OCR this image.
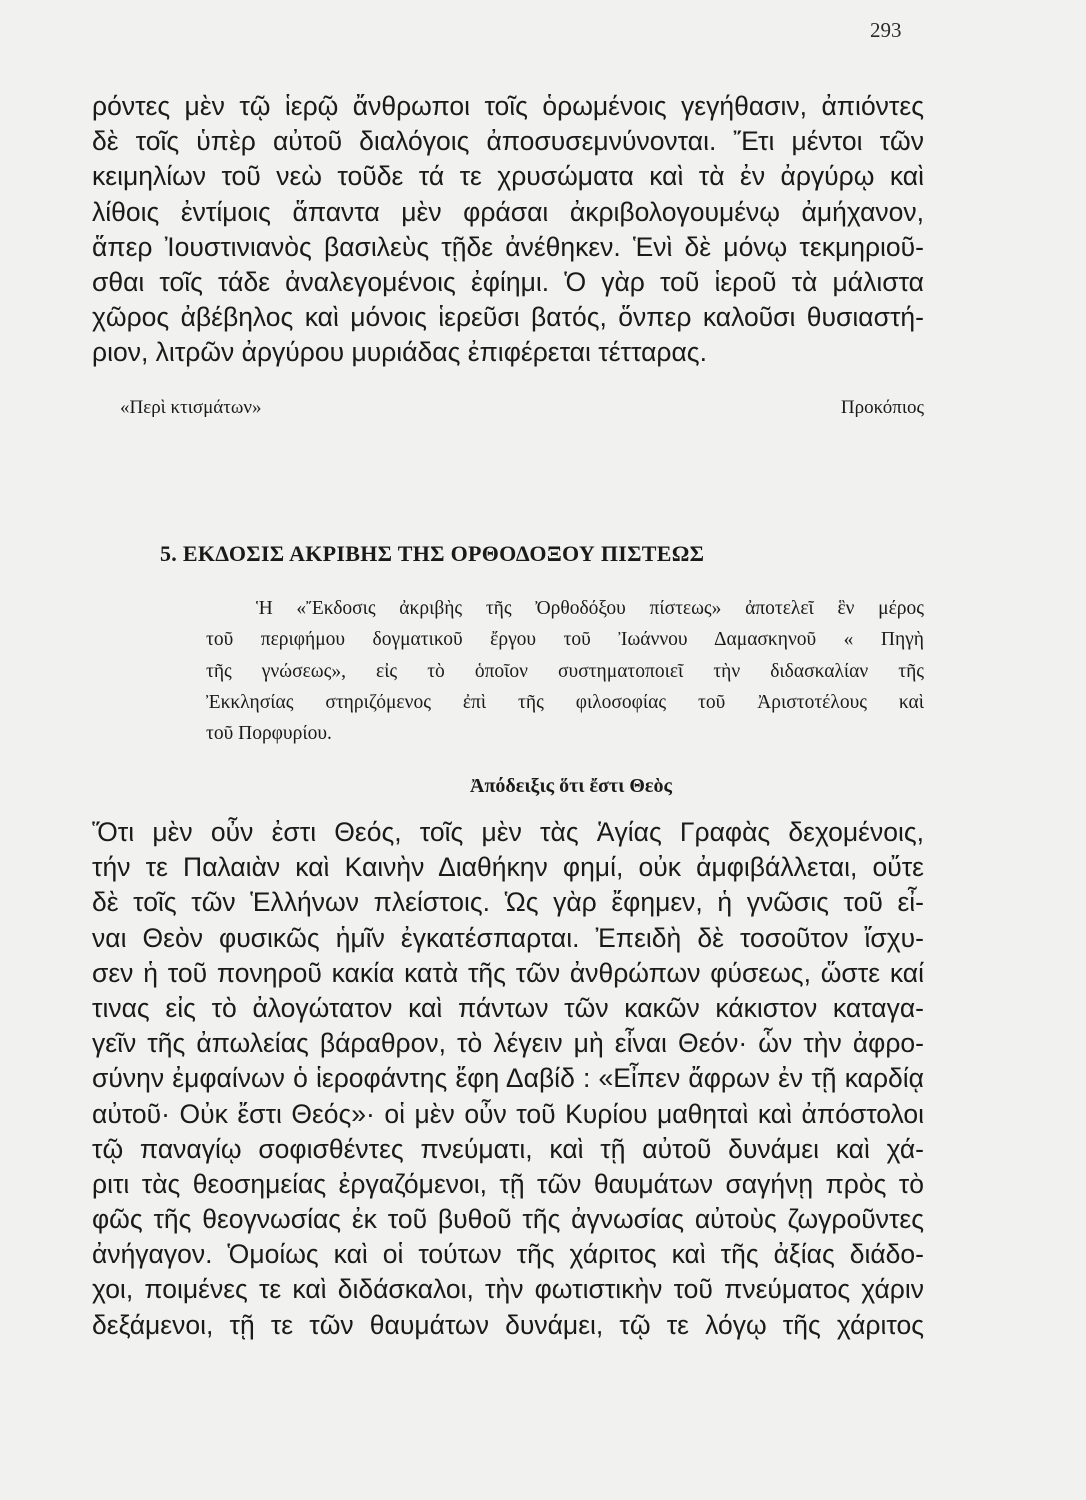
293
ρόντες μὲν τῷ ἱερῷ ἄνθρωποι τοῖς ὁρωμένοις γεγήθασιν, ἀπιόντες
δὲ τοῖς ὑπὲρ αὐτοῦ διαλόγοις ἀποσυσεμνύνονται. Ἔτι μέντοι τῶν
κειμηλίων τοῦ νεὼ τοῦδε τά τε χρυσώματα καὶ τὰ ἐν ἀργύρῳ καὶ
λίθοις ἐντίμοις ἅπαντα μὲν φράσαι ἀκριβολογουμένῳ ἀμήχανον,
ἅπερ Ἰουστινιανὸς βασιλεὺς τῇδε ἀνέθηκεν. Ἑνὶ δὲ μόνῳ τεκμηριοῦ-
σθαι τοῖς τάδε ἀναλεγομένοις ἐφίημι. Ὁ γὰρ τοῦ ἱεροῦ τὰ μάλιστα
χῶρος ἀβέβηλος καὶ μόνοις ἱερεῦσι βατός, ὅνπερ καλοῦσι θυσιαστή-
ριον, λιτρῶν ἀργύρου μυριάδας ἐπιφέρεται τέτταρας.
«Περὶ κτισμάτων»	Προκόπιος
5. ΕΚΔΟΣΙΣ ΑΚΡΙΒΗΣ ΤΗΣ ΟΡΘΟΔΟΞΟΥ ΠΙΣΤΕΩΣ
Ἡ «Ἔκδοσις ἀκριβὴς τῆς Ὀρθοδόξου πίστεως» ἀποτελεῖ ἓν μέρος
τοῦ περιφήμου δογματικοῦ ἔργου τοῦ Ἰωάννου Δαμασκηνοῦ « Πηγὴ
τῆς γνώσεως», εἰς τὸ ὁποῖον συστηματοποιεῖ τὴν διδασκαλίαν τῆς
Ἐκκλησίας στηριζόμενος ἐπὶ τῆς φιλοσοφίας τοῦ Ἀριστοτέλους καὶ
τοῦ Πορφυρίου.
Ἀπόδειξις ὅτι ἔστι Θεὸς
Ὅτι μὲν οὖν ἐστι Θεός, τοῖς μὲν τὰς Ἁγίας Γραφὰς δεχομένοις,
τήν τε Παλαιὰν καὶ Καινὴν Διαθήκην φημί, οὐκ ἀμφιβάλλεται, οὔτε
δὲ τοῖς τῶν Ἑλλήνων πλείστοις. Ὡς γὰρ ἔφημεν, ἡ γνῶσις τοῦ εἶ-
ναι Θεὸν φυσικῶς ἡμῖν ἐγκατέσπαρται. Ἐπειδὴ δὲ τοσοῦτον ἴσχυ-
σεν ἡ τοῦ πονηροῦ κακία κατὰ τῆς τῶν ἀνθρώπων φύσεως, ὥστε καί
τινας εἰς τὸ ἀλογώτατον καὶ πάντων τῶν κακῶν κάκιστον καταγα-
γεῖν τῆς ἀπωλείας βάραθρον, τὸ λέγειν μὴ εἶναι Θεόν· ὧν τὴν ἀφρο-
σύνην ἐμφαίνων ὁ ἱεροφάντης ἔφη Δαβίδ : «Εἶπεν ἄφρων ἐν τῇ καρδίᾳ
αὐτοῦ· Οὐκ ἔστι Θεός»· οἱ μὲν οὖν τοῦ Κυρίου μαθηταὶ καὶ ἀπόστολοι
τῷ παναγίῳ σοφισθέντες πνεύματι, καὶ τῇ αὐτοῦ δυνάμει καὶ χά-
ριτι τὰς θεοσημείας ἐργαζόμενοι, τῇ τῶν θαυμάτων σαγήνῃ πρὸς τὸ
φῶς τῆς θεογνωσίας ἐκ τοῦ βυθοῦ τῆς ἀγνωσίας αὐτοὺς ζωγροῦντες
ἀνήγαγον. Ὁμοίως καὶ οἱ τούτων τῆς χάριτος καὶ τῆς ἀξίας διάδο-
χοι, ποιμένες τε καὶ διδάσκαλοι, τὴν φωτιστικὴν τοῦ πνεύματος χάριν
δεξάμενοι, τῇ τε τῶν θαυμάτων δυνάμει, τῷ τε λόγῳ τῆς χάριτος
